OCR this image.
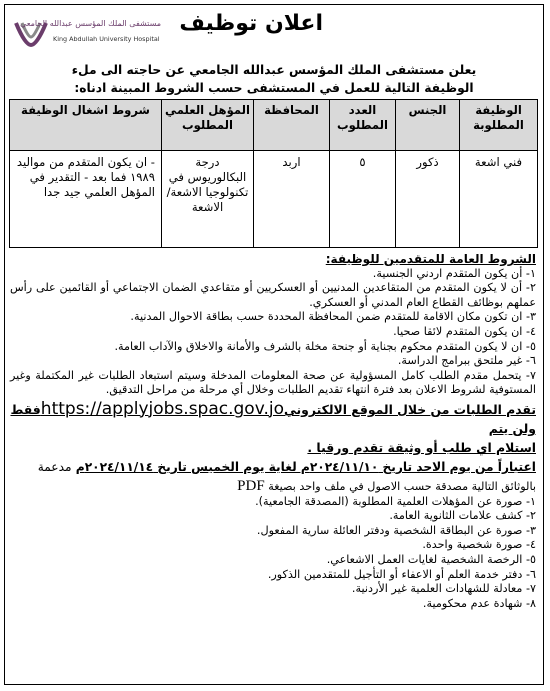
اعلان توظيف
مستشفى الملك المؤسس عبدالله الجامعي
King Abdullah University Hospital
يعلن مستشفى الملك المؤسس عبدالله الجامعي عن حاجته الى ملء
الوظيفة التالية للعمل في المستشفى حسب الشروط المبينة ادناه:
الوظيفة المطلوبة	الجنس	العدد المطلوب	المحافظة	المؤهل العلمي المطلوب	شروط اشغال الوظيفة
فني اشعة	ذكور	٥	اربد	درجة البكالوريوس في تكنولوجيا الاشعة/ الاشعة	- ان يكون المتقدم من مواليد ١٩٨٩ فما بعد - التقدير في المؤهل العلمي جيد جدا
الشروط العامة للمتقدمين للوظيفة:
١- أن يكون المتقدم اردني الجنسية.
٢- أن لا يكون المتقدم من المتقاعدين المدنيين أو العسكريين أو متقاعدي الضمان الاجتماعي أو القائمين على رأس عملهم بوظائف القطاع العام المدني أو العسكري.
٣- ان تكون مكان الاقامة للمتقدم ضمن المحافظة المحددة حسب بطاقة الاحوال المدنية.
٤- ان يكون المتقدم لائقا صحيا.
٥- ان لا يكون المتقدم محكوم بجناية أو جنحة مخلة بالشرف والأمانة والاخلاق والآداب العامة.
٦- غير ملتحق ببرامج الدراسة.
٧- يتحمل مقدم الطلب كامل المسؤولية عن صحة المعلومات المدخلة وسيتم استبعاد الطلبات غير المكتملة وغير المستوفية لشروط الاعلان بعد فترة انتهاء تقديم الطلبات وخلال أي مرحلة من مراحل التدقيق.
تقدم الطلبات من خلال الموقع الالكترونيhttps://applyjobs.spac.gov.joفقط ولن يتم
استلام اي طلب أو وثيقة تقدم ورقيا .
اعتباراً من يوم الاحد تاريخ ٢٠٢٤/١١/١٠م لغاية يوم الخميس تاريخ ٢٠٢٤/١١/١٤م مدعمة
بالوثائق التالية مصدقة حسب الاصول في ملف واحد بصيغة PDF
١- صورة عن المؤهلات العلمية المطلوبة (المصدقة الجامعية).
٢- كشف علامات الثانوية العامة.
٣- صورة عن البطاقة الشخصية ودفتر العائلة سارية المفعول.
٤- صورة شخصية واحدة.
٥- الرخصة الشخصية لغايات العمل الاشعاعي.
٦- دفتر خدمة العلم أو الاعفاء أو التأجيل للمتقدمين الذكور.
٧- معادلة للشهادات العلمية غير الأردنية.
٨- شهادة عدم محكومية.
